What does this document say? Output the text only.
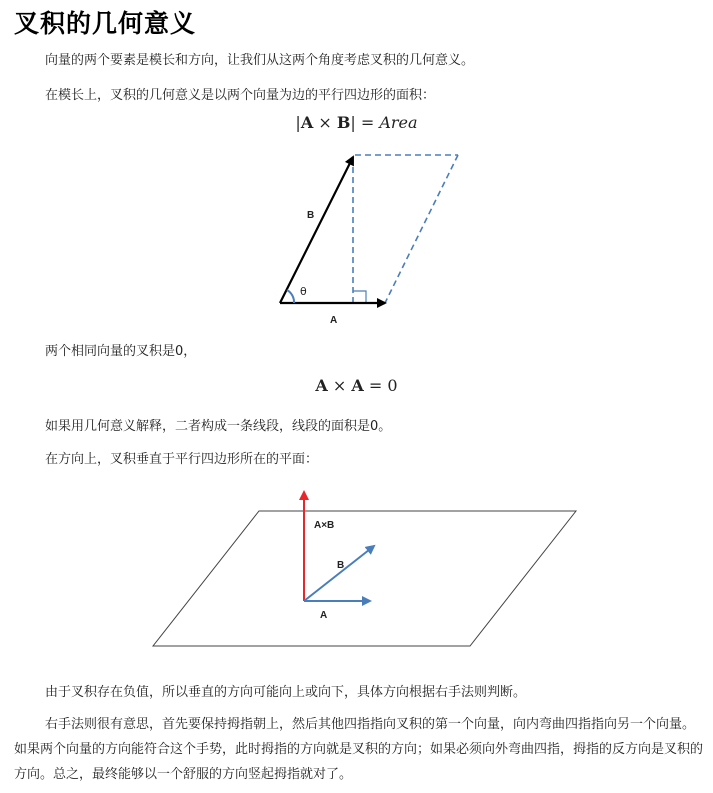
叉积的几何意义

向量的两个要素是模长和方向，让我们从这两个角度考虑叉积的几何意义。

在模长上，叉积的几何意义是以两个向量为边的平行四边形的面积：

|A × B| = Area
B
θ
A

两个相同向量的叉积是0，

A × A = 0

如果用几何意义解释，二者构成一条线段，线段的面积是0。

在方向上，叉积垂直于平行四边形所在的平面：

A×B
B
A

由于叉积存在负值，所以垂直的方向可能向上或向下，具体方向根据右手法则判断。

右手法则很有意思，首先要保持拇指朝上，然后其他四指指向叉积的第一个向量，向内弯曲四指指向另一个向量。如果两个向量的方向能符合这个手势，此时拇指的方向就是叉积的方向；如果必须向外弯曲四指，拇指的反方向是叉积的方向。总之，最终能够以一个舒服的方向竖起拇指就对了。
